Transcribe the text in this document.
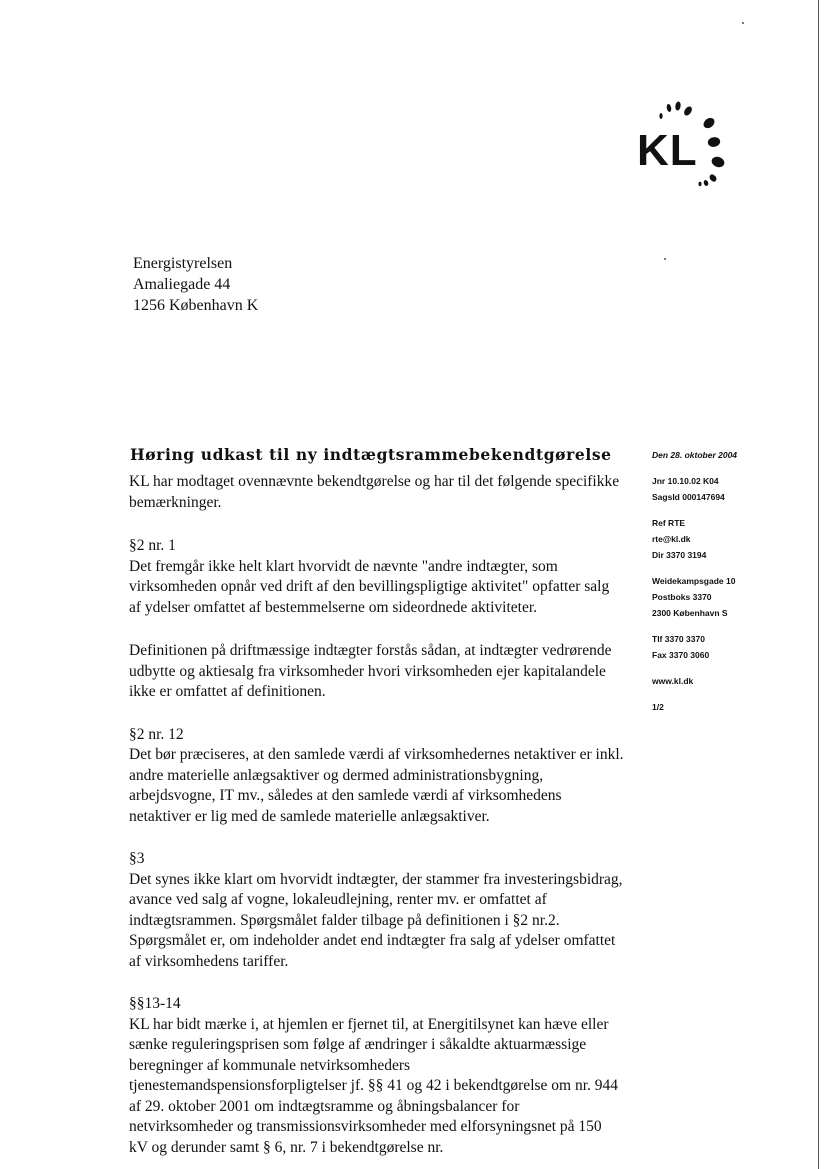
KL
Energistyrelsen
Amaliegade 44
1256 København K
Høring udkast til ny indtægtsrammebekendtgørelse

KL har modtaget ovennævnte bekendtgørelse og har til det følgende specifikke bemærkninger.

§2 nr. 1

Det fremgår ikke helt klart hvorvidt de nævnte "andre indtægter, som virksomheden opnår ved drift af den bevillingspligtige aktivitet" opfatter salg af ydelser omfattet af bestemmelserne om sideordnede aktiviteter.

Definitionen på driftmæssige indtægter forstås sådan, at indtægter vedrørende udbytte og aktiesalg fra virksomheder hvori virksomheden ejer kapitalandele ikke er omfattet af definitionen.

§2 nr. 12

Det bør præciseres, at den samlede værdi af virksomhedernes netaktiver er inkl. andre materielle anlægsaktiver og dermed administrationsbygning, arbejdsvogne, IT mv., således at den samlede værdi af virksomhedens netaktiver er lig med de samlede materielle anlægsaktiver.

§3

Det synes ikke klart om hvorvidt indtægter, der stammer fra investeringsbidrag, avance ved salg af vogne, lokaleudlejning, renter mv. er omfattet af indtægtsrammen. Spørgsmålet falder tilbage på definitionen i §2 nr.2. Spørgsmålet er, om indeholder andet end indtægter fra salg af ydelser omfattet af virksomhedens tariffer.

§§13-14

KL har bidt mærke i, at hjemlen er fjernet til, at Energitilsynet kan hæve eller sænke reguleringsprisen som følge af ændringer i såkaldte aktuarmæssige beregninger af kommunale netvirksomheders tjenestemandspensionsforpligtelser jf. §§ 41 og 42 i bekendtgørelse om nr. 944 af 29. oktober 2001 om indtægtsramme og åbningsbalancer for netvirksomheder og transmissionsvirksomheder med elforsyningsnet på 150 kV og derunder samt § 6, nr. 7 i bekendtgørelse nr.

Den 28. oktober 2004
Jnr 10.10.02 K04
SagsId 000147694
Ref RTE
rte@kl.dk
Dir 3370 3194
Weidekampsgade 10
Postboks 3370
2300 København S
Tlf 3370 3370
Fax 3370 3060
www.kl.dk
1/2
